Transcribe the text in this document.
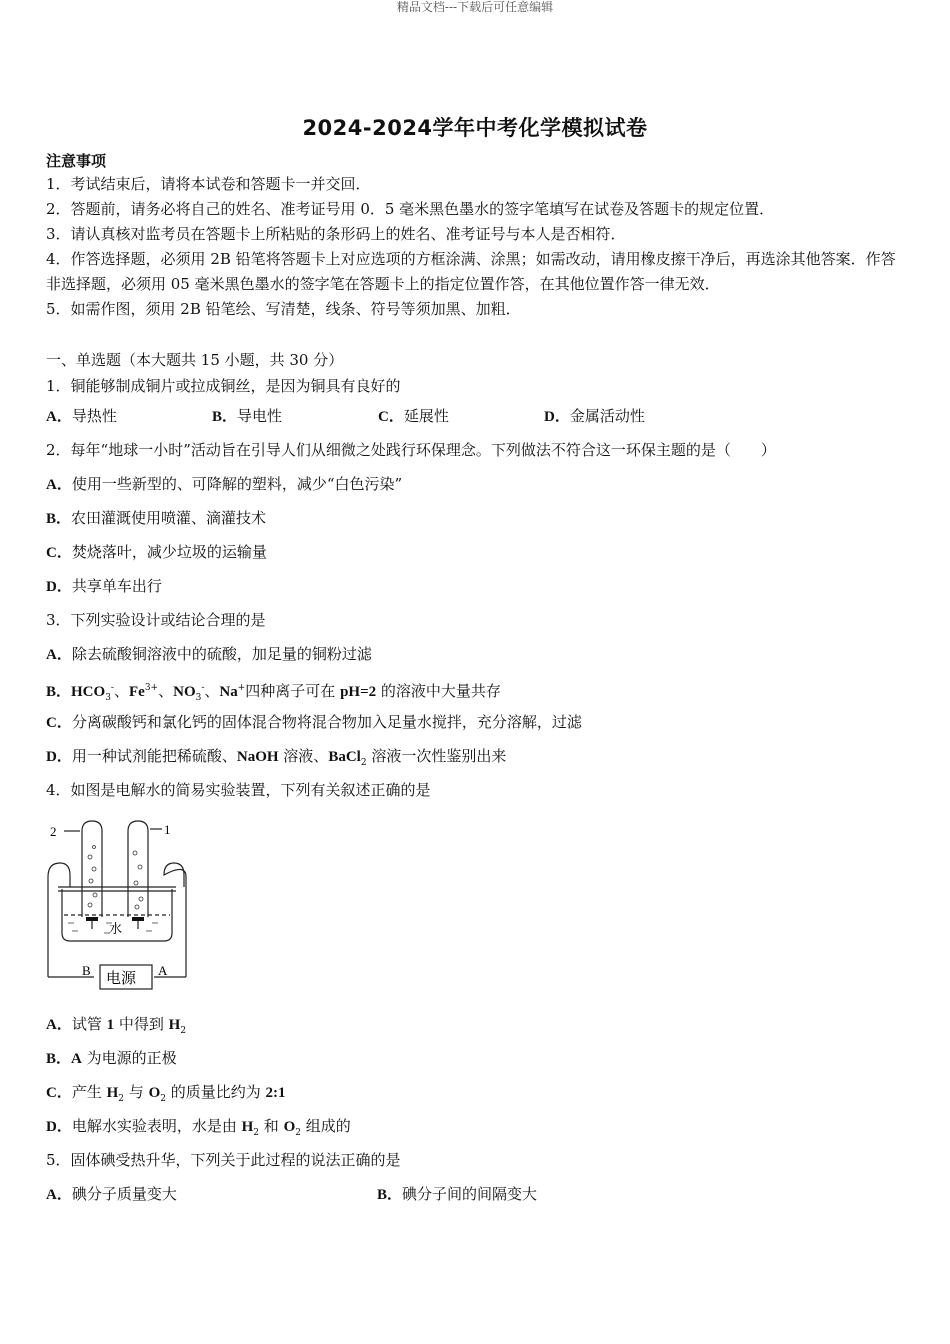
精品文档---下载后可任意编辑
2024-2024学年中考化学模拟试卷
注意事项

1．考试结束后，请将本试卷和答题卡一并交回．

2．答题前，请务必将自己的姓名、准考证号用 0．5 毫米黑色墨水的签字笔填写在试卷及答题卡的规定位置．

3．请认真核对监考员在答题卡上所粘贴的条形码上的姓名、准考证号与本人是否相符．

4．作答选择题，必须用 2B 铅笔将答题卡上对应选项的方框涂满、涂黑；如需改动，请用橡皮擦干净后，再选涂其他答案．作答非选择题，必须用 05 毫米黑色墨水的签字笔在答题卡上的指定位置作答，在其他位置作答一律无效．

5．如需作图，须用 2B 铅笔绘、写清楚，线条、符号等须加黑、加粗．

一、单选题（本大题共 15 小题，共 30 分）
1．铜能够制成铜片或拉成铜丝，是因为铜具有良好的
A．导热性	B．导电性	C．延展性	D．金属活动性
2．每年“地球一小时”活动旨在引导人们从细微之处践行环保理念。下列做法不符合这一环保主题的是（　　）
A．使用一些新型的、可降解的塑料，减少“白色污染”
B．农田灌溉使用喷灌、滴灌技术
C．焚烧落叶，减少垃圾的运输量
D．共享单车出行
3．下列实验设计或结论合理的是
A．除去硫酸铜溶液中的硫酸，加足量的铜粉过滤
B．$HCO_3^-$、$Fe^{3+}$、$NO_3^-$、Na+四种离子可在 pH=2 的溶液中大量共存
C．分离碳酸钙和氯化钙的固体混合物将混合物加入足量水搅拌，充分溶解，过滤
D．用一种试剂能把稀硫酸、NaOH 溶液、BaCl$_2$ 溶液一次性鉴别出来
4．如图是电解水的简易实验装置，下列有关叙述正确的是
2	1
水
B	A
电源
A．试管 1 中得到 $H_2$
B．A 为电源的正极
C．产生 $H_2$ 与 $O_2$ 的质量比约为 2:1
D．电解水实验表明，水是由 $H_2$ 和 $O_2$ 组成的
5．固体碘受热升华，下列关于此过程的说法正确的是
A．碘分子质量变大	B．碘分子间的间隔变大
